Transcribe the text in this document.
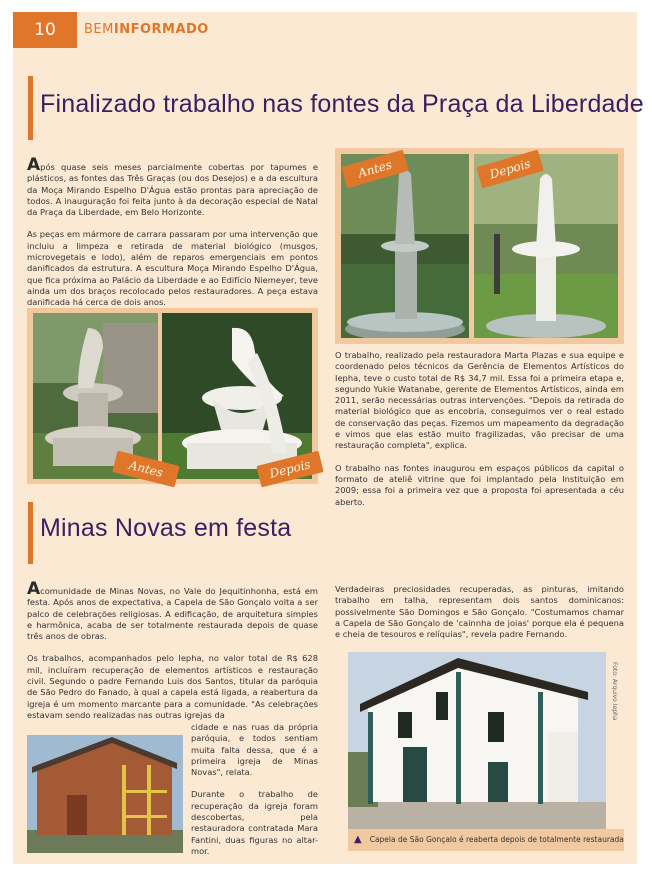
10	BEMINFORMADO
Finalizado trabalho nas fontes da Praça da Liberdade

Após quase seis meses parcialmente cobertas por tapumes e plásticos, as fontes das Três Graças (ou dos Desejos) e a da escultura da Moça Mirando Espelho D'Água estão prontas para apreciação de todos. A inauguração foi feita junto à da decoração especial de Natal da Praça da Liberdade, em Belo Horizonte.

As peças em mármore de carrara passaram por uma intervenção que incluiu a limpeza e retirada de material biológico (musgos, microvegetais e lodo), além de reparos emergenciais em pontos danificados da estrutura. A escultura Moça Mirando Espelho D'Água, que fica próxima ao Palácio da Liberdade e ao Edifício Niemeyer, teve ainda um dos braços recolocado pelos restauradores. A peça estava danificada há cerca de dois anos.

Antes	Depois
Antes	Depois

O trabalho, realizado pela restauradora Marta Plazas e sua equipe e coordenado pelos técnicos da Gerência de Elementos Artísticos do Iepha, teve o custo total de R$ 34,7 mil. Essa foi a primeira etapa e, segundo Yukie Watanabe, gerente de Elementos Artísticos, ainda em 2011, serão necessárias outras intervenções. "Depois da retirada do material biológico que as encobria, conseguimos ver o real estado de conservação das peças. Fizemos um mapeamento da degradação e vimos que elas estão muito fragilizadas, vão precisar de uma restauração completa", explica.

O trabalho nas fontes inaugurou em espaços públicos da capital o formato de ateliê vitrine que foi implantado pela Instituição em 2009; essa foi a primeira vez que a proposta foi apresentada a céu aberto.

Minas Novas em festa

Acomunidade de Minas Novas, no Vale do Jequitinhonha, está em festa. Após anos de expectativa, a Capela de São Gonçalo volta a ser palco de celebrações religiosas. A edificação, de arquitetura simples e harmônica, acaba de ser totalmente restaurada depois de quase três anos de obras.

Os trabalhos, acompanhados pelo Iepha, no valor total de R$ 628 mil, incluíram recuperação de elementos artísticos e restauração civil. Segundo o padre Fernando Luis dos Santos, titular da paróquia de São Pedro do Fanado, à qual a capela está ligada, a reabertura da igreja é um momento marcante para a comunidade. "As celebrações estavam sendo realizadas nas outras igrejas da

cidade e nas ruas da própria paróquia, e todos sentiam muita falta dessa, que é a primeira igreja de Minas Novas", relata.

Durante o trabalho de recuperação da igreja foram descobertas, pela restauradora contratada Mara Fantini, duas figuras no altar-mor.

Verdadeiras preciosidades recuperadas, as pinturas, imitando trabalho em talha, representam dois santos dominicanos: possivelmente São Domingos e São Gonçalo. "Costumamos chamar a Capela de São Gonçalo de 'cainnha de joias' porque ela é pequena e cheia de tesouros e relíquias", revela padre Fernando.

Foto: Arquivo Iepha
▲ Capela de São Gonçalo é reaberta depois de totalmente restaurada
